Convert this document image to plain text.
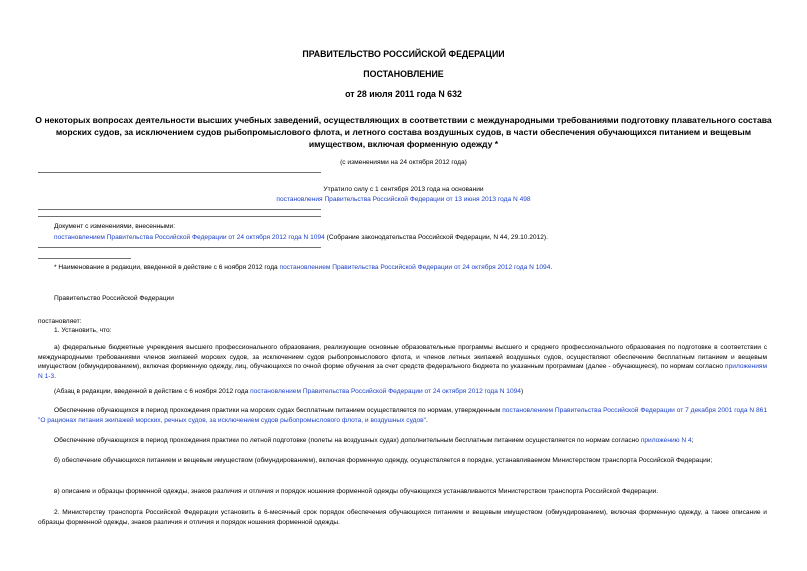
ПРАВИТЕЛЬСТВО РОССИЙСКОЙ ФЕДЕРАЦИИ
ПОСТАНОВЛЕНИЕ
от 28 июля 2011 года N 632
О некоторых вопросах деятельности высших учебных заведений, осуществляющих в соответствии с международными требованиями подготовку плавательного состава морских судов, за исключением судов рыбопромыслового флота, и летного состава воздушных судов, в части обеспечения обучающихся питанием и вещевым имуществом, включая форменную одежду *
(с изменениями на 24 октября 2012 года)
Утратило силу с 1 сентября 2013 года на основании
постановления Правительства Российской Федерации от 13 июня 2013 года N 498
Документ с изменениями, внесенными:
постановлением Правительства Российской Федерации от 24 октября 2012 года N 1094 (Собрание законодательства Российской Федерации, N 44, 29.10.2012).
* Наименование в редакции, введенной в действие с 6 ноября 2012 года постановлением Правительства Российской Федерации от 24 октября 2012 года N 1094.
Правительство Российской Федерации
постановляет:
1. Установить, что:
а) федеральные бюджетные учреждения высшего профессионального образования, реализующие основные образовательные программы высшего и среднего профессионального образования по подготовке в соответствии с международными требованиями членов экипажей морских судов, за исключением судов рыбопромыслового флота, и членов летных экипажей воздушных судов, осуществляют обеспечение бесплатным питанием и вещевым имуществом (обмундированием), включая форменную одежду, лиц, обучающихся по очной форме обучения за счет средств федерального бюджета по указанным программам (далее - обучающиеся), по нормам согласно приложениям N 1-3.
(Абзац в редакции, введенной в действие с 6 ноября 2012 года постановлением Правительства Российской Федерации от 24 октября 2012 года N 1094)
Обеспечение обучающихся в период прохождения практики на морских судах бесплатным питанием осуществляется по нормам, утвержденным постановлением Правительства Российской Федерации от 7 декабря 2001 года N 861 "О рационах питания экипажей морских, речных судов, за исключением судов рыбопромыслового флота, и воздушных судов".
Обеспечение обучающихся в период прохождения практики по летной подготовке (полеты на воздушных судах) дополнительным бесплатным питанием осуществляется по нормам согласно приложению N 4;
б) обеспечение обучающихся питанием и вещевым имуществом (обмундированием), включая форменную одежду, осуществляется в порядке, устанавливаемом Министерством транспорта Российской Федерации;
в) описание и образцы форменной одежды, знаков различия и отличия и порядок ношения форменной одежды обучающихся устанавливаются Министерством транспорта Российской Федерации.
2. Министерству транспорта Российской Федерации установить в 6-месячный срок порядок обеспечения обучающихся питанием и вещевым имуществом (обмундированием), включая форменную одежду, а также описание и образцы форменной одежды, знаков различия и отличия и порядок ношения форменной одежды.
